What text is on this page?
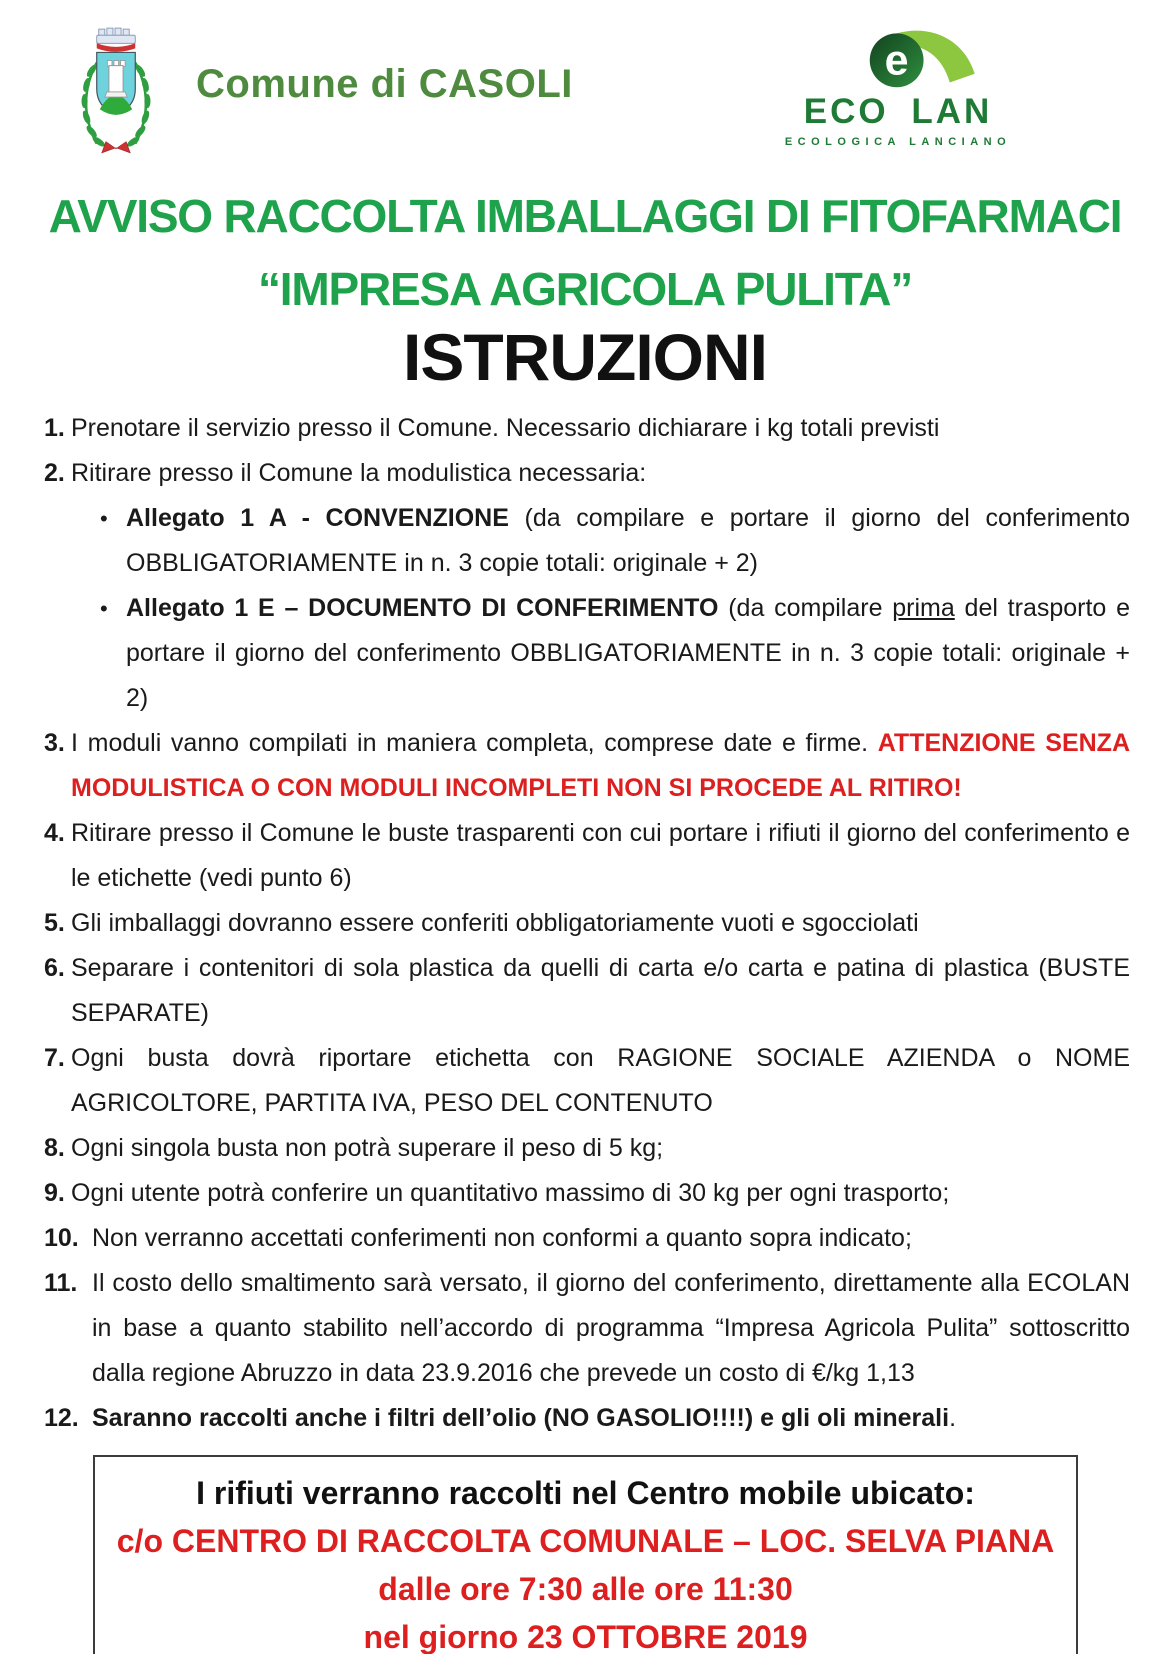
Comune di CASOLI	e
ECO LAN
ECOLOGICA LANCIANO
AVVISO RACCOLTA IMBALLAGGI DI FITOFARMACI
“IMPRESA AGRICOLA PULITA”
ISTRUZIONI
1. Prenotare il servizio presso il Comune. Necessario dichiarare i kg totali previsti
2. Ritirare presso il Comune la modulistica necessaria:
• Allegato 1 A - CONVENZIONE (da compilare e portare il giorno del conferimento OBBLIGATORIAMENTE in n. 3 copie totali: originale + 2)
• Allegato 1 E – DOCUMENTO DI CONFERIMENTO (da compilare prima del trasporto e portare il giorno del conferimento OBBLIGATORIAMENTE in n. 3 copie totali: originale + 2)
3. I moduli vanno compilati in maniera completa, comprese date e firme. ATTENZIONE SENZA MODULISTICA O CON MODULI INCOMPLETI NON SI PROCEDE AL RITIRO!
4. Ritirare presso il Comune le buste trasparenti con cui portare i rifiuti il giorno del conferimento e le etichette (vedi punto 6)
5. Gli imballaggi dovranno essere conferiti obbligatoriamente vuoti e sgocciolati
6. Separare i contenitori di sola plastica da quelli di carta e/o carta e patina di plastica (BUSTE SEPARATE)
7. Ogni busta dovrà riportare etichetta con RAGIONE SOCIALE AZIENDA o NOME AGRICOLTORE, PARTITA IVA, PESO DEL CONTENUTO
8. Ogni singola busta non potrà superare il peso di 5 kg;
9. Ogni utente potrà conferire un quantitativo massimo di 30 kg per ogni trasporto;
10. Non verranno accettati conferimenti non conformi a quanto sopra indicato;
11. Il costo dello smaltimento sarà versato, il giorno del conferimento, direttamente alla ECOLAN in base a quanto stabilito nell’accordo di programma “Impresa Agricola Pulita” sottoscritto dalla regione Abruzzo in data 23.9.2016 che prevede un costo di €/kg 1,13
12. Saranno raccolti anche i filtri dell’olio (NO GASOLIO!!!!) e gli oli minerali.
I rifiuti verranno raccolti nel Centro mobile ubicato:
c/o CENTRO DI RACCOLTA COMUNALE – LOC. SELVA PIANA
dalle ore 7:30 alle ore 11:30
nel giorno 23 OTTOBRE 2019
